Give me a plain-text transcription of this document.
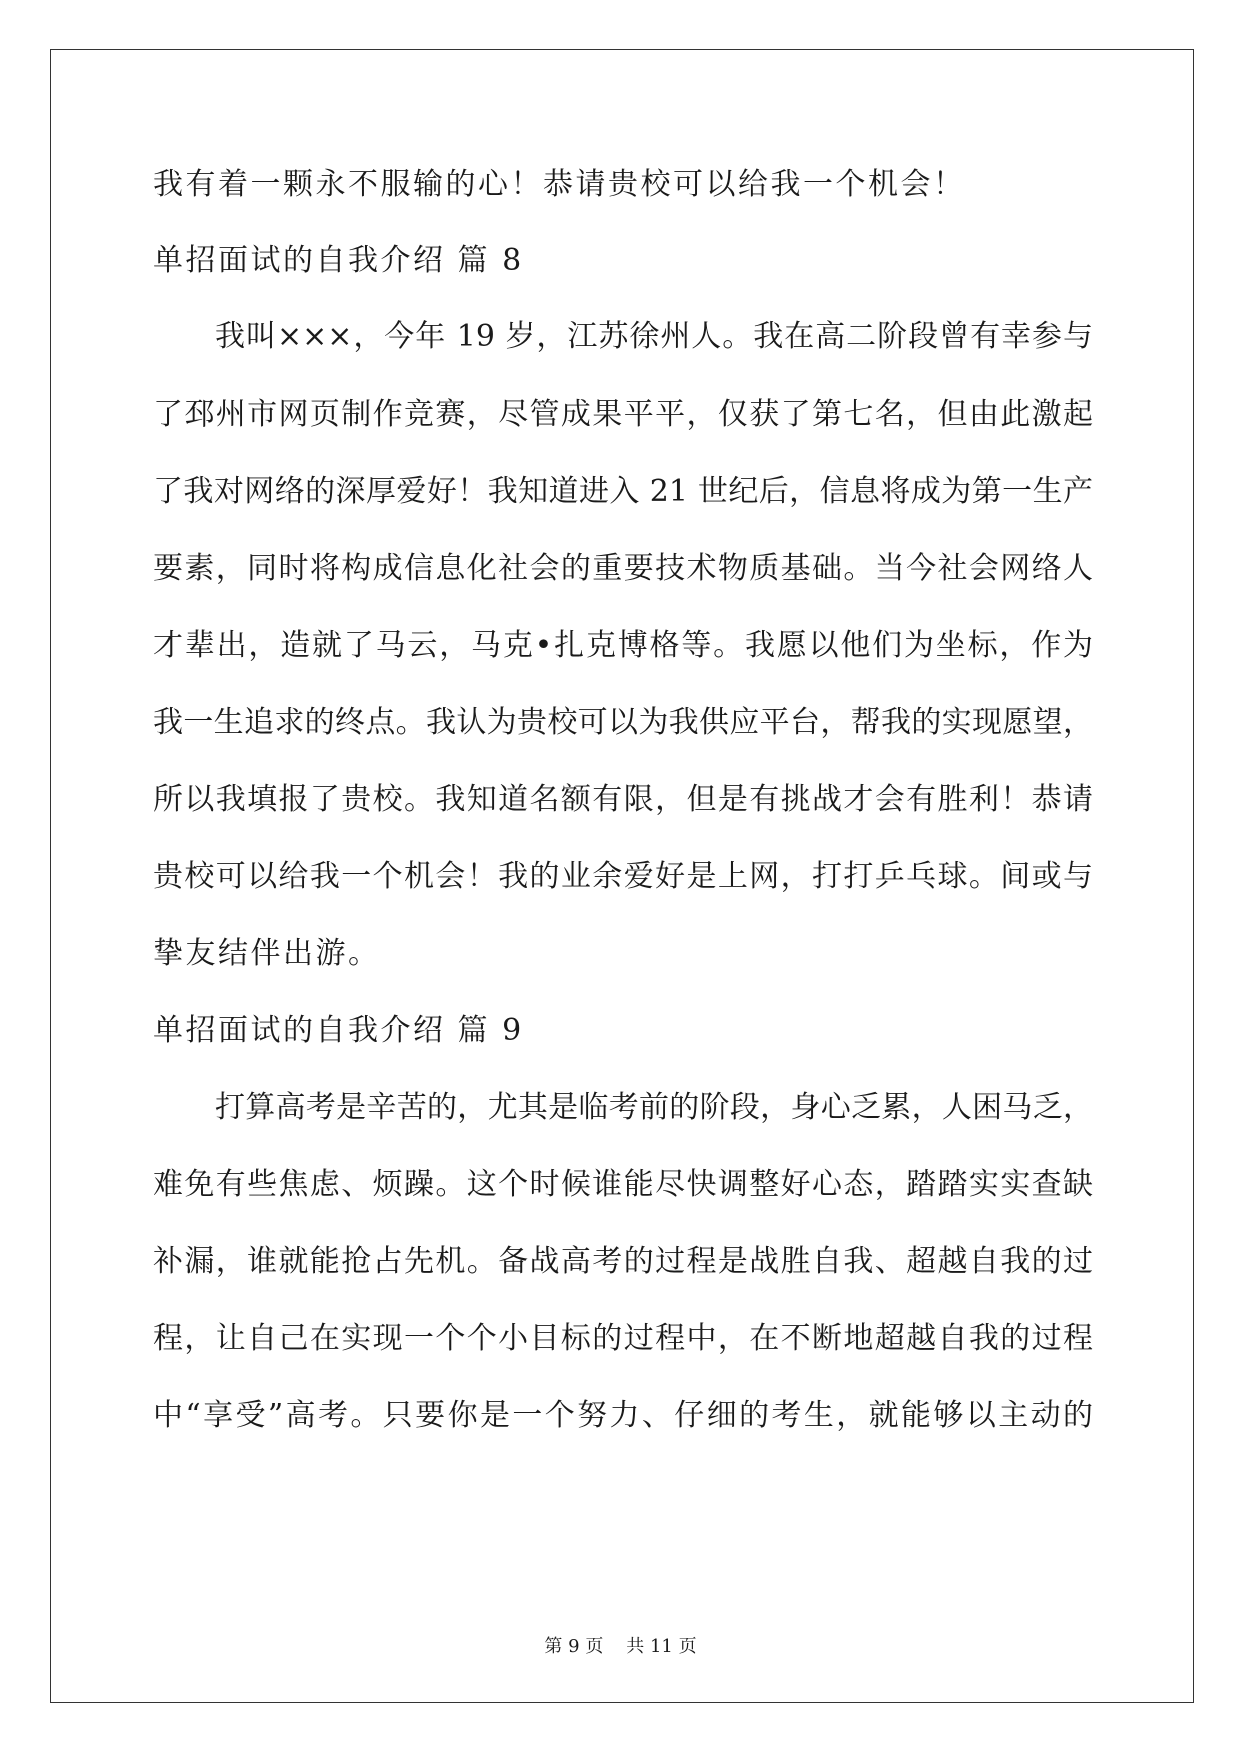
我有着一颗永不服输的心！恭请贵校可以给我一个机会！
单招面试的自我介绍 篇 8
我叫×××，今年 19 岁，江苏徐州人。我在高二阶段曾有幸参与
了邳州市网页制作竞赛，尽管成果平平，仅获了第七名，但由此激起
了我对网络的深厚爱好！我知道进入 21 世纪后，信息将成为第一生产
要素，同时将构成信息化社会的重要技术物质基础。当今社会网络人
才辈出，造就了马云，马克•扎克博格等。我愿以他们为坐标，作为
我一生追求的终点。我认为贵校可以为我供应平台，帮我的实现愿望，
所以我填报了贵校。我知道名额有限，但是有挑战才会有胜利！恭请
贵校可以给我一个机会！我的业余爱好是上网，打打乒乓球。间或与
挚友结伴出游。
单招面试的自我介绍 篇 9
打算高考是辛苦的，尤其是临考前的阶段，身心乏累，人困马乏，
难免有些焦虑、烦躁。这个时候谁能尽快调整好心态，踏踏实实查缺
补漏，谁就能抢占先机。备战高考的过程是战胜自我、超越自我的过
程，让自己在实现一个个小目标的过程中，在不断地超越自我的过程
中“享受”高考。只要你是一个努力、仔细的考生，就能够以主动的
第 9 页 共 11 页
